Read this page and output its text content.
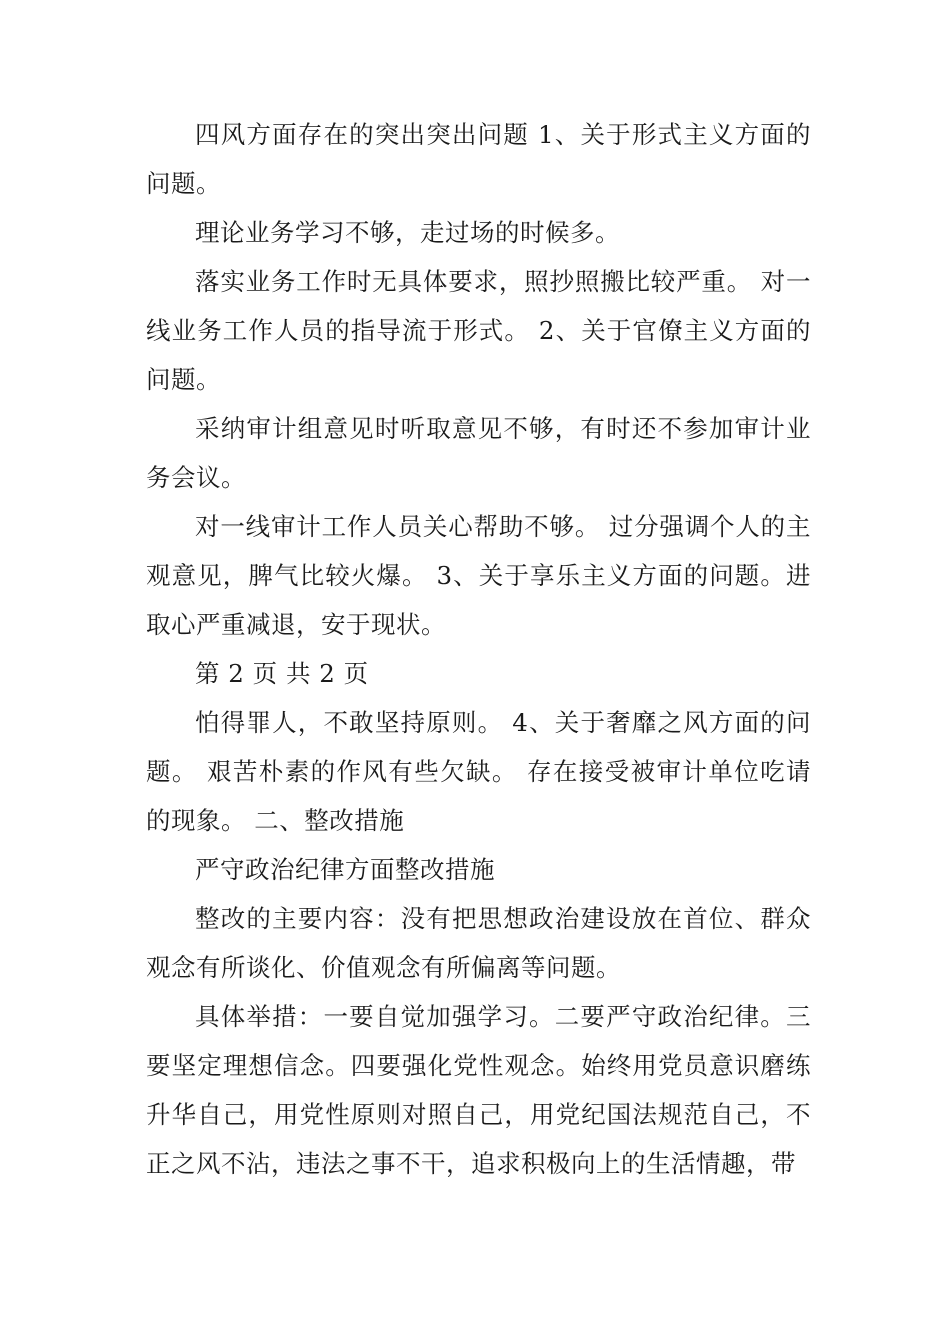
四风方面存在的突出突出问题 1、关于形式主义方面的问题。

理论业务学习不够，走过场的时候多。

落实业务工作时无具体要求，照抄照搬比较严重。 对一线业务工作人员的指导流于形式。 2、关于官僚主义方面的问题。

采纳审计组意见时听取意见不够，有时还不参加审计业务会议。

对一线审计工作人员关心帮助不够。 过分强调个人的主观意见，脾气比较火爆。 3、关于享乐主义方面的问题。进取心严重减退，安于现状。

第 2 页 共 2 页

怕得罪人，不敢坚持原则。 4、关于奢靡之风方面的问题。 艰苦朴素的作风有些欠缺。 存在接受被审计单位吃请的现象。 二、整改措施

严守政治纪律方面整改措施

整改的主要内容：没有把思想政治建设放在首位、群众观念有所谈化、价值观念有所偏离等问题。

具体举措：一要自觉加强学习。二要严守政治纪律。三要坚定理想信念。四要强化党性观念。始终用党员意识磨练升华自己，用党性原则对照自己，用党纪国法规范自己，不正之风不沾，违法之事不干，追求积极向上的生活情趣，带
